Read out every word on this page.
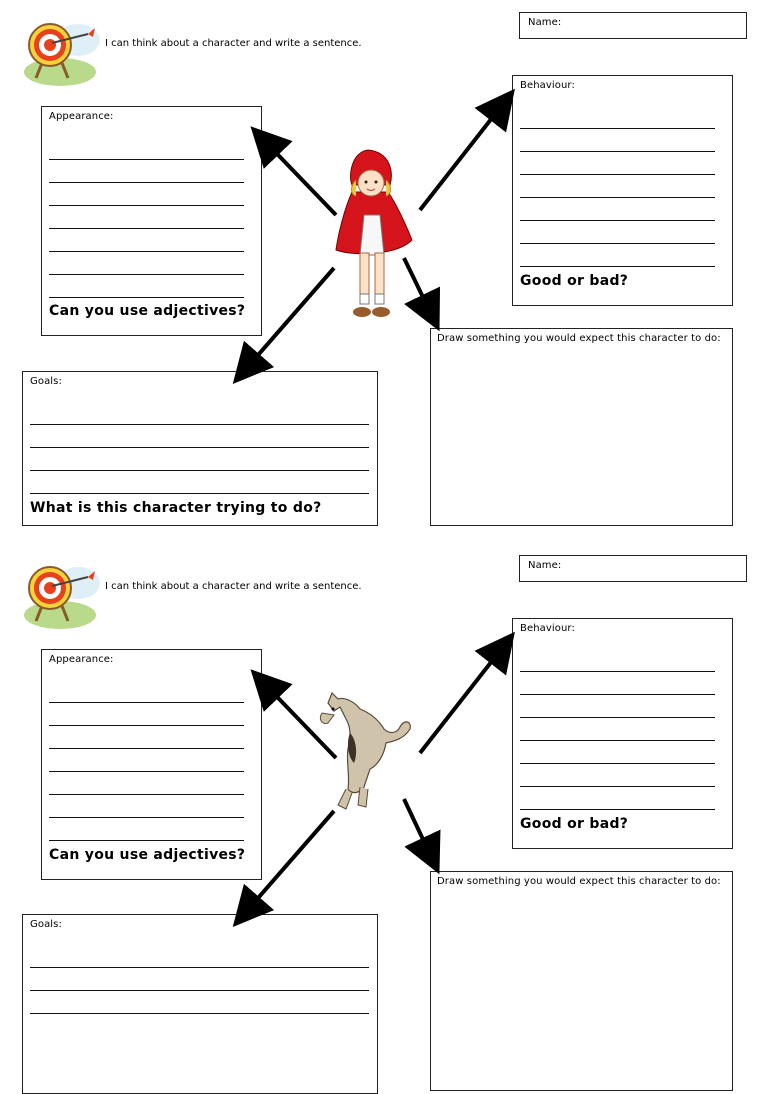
I can think about a character and write a sentence.
Name:
Appearance:
Can you use adjectives?
Behaviour:
Good or bad?
Goals:
What is this character trying to do?
Draw something you would expect this character to do:
I can think about a character and write a sentence.
Name:
Appearance:
Can you use adjectives?
Behaviour:
Good or bad?
Goals:
Draw something you would expect this character to do:
